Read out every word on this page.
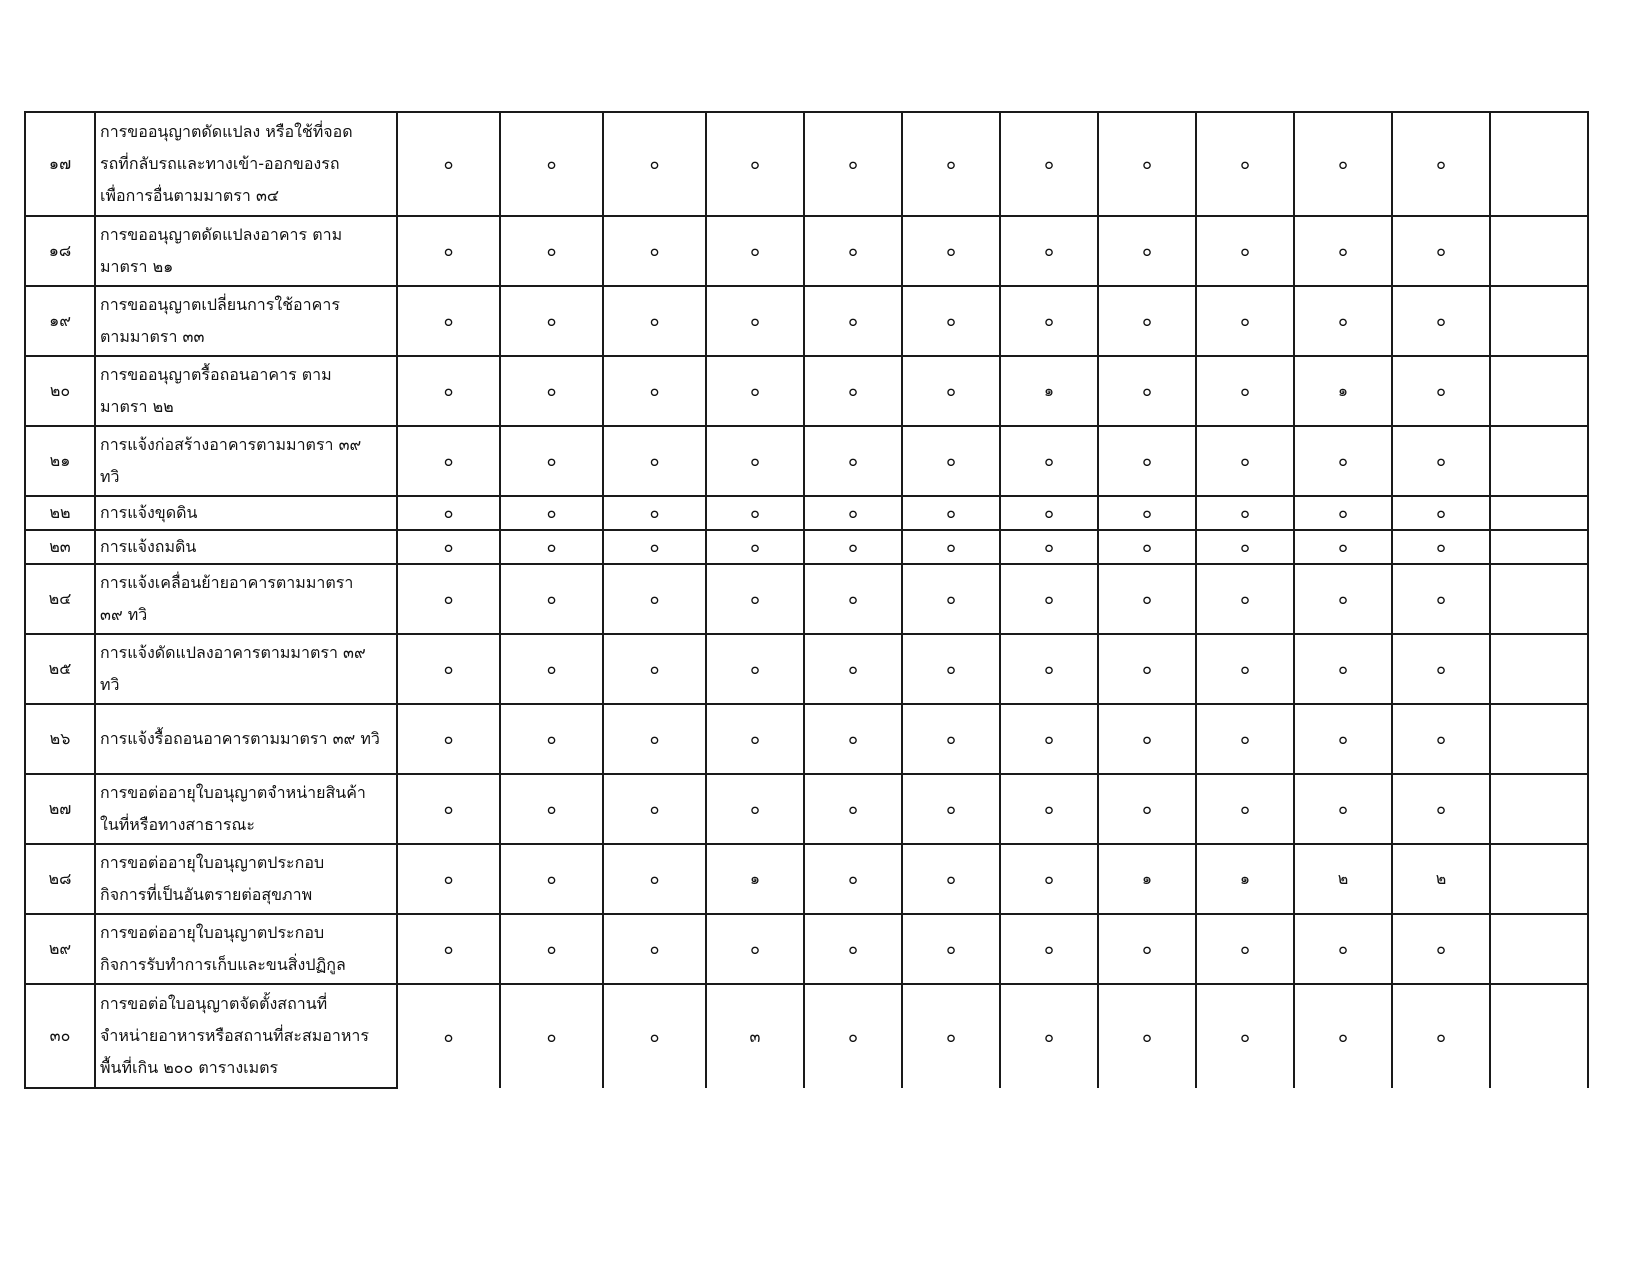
๑๗	การขออนุญาตดัดแปลง หรือใช้ที่จอด
รถที่กลับรถและทางเข้า-ออกของรถ
เพื่อการอื่นตามมาตรา ๓๔	๐	๐	๐	๐	๐	๐	๐	๐	๐	๐	๐	
๑๘	การขออนุญาตดัดแปลงอาคาร ตาม
มาตรา ๒๑	๐	๐	๐	๐	๐	๐	๐	๐	๐	๐	๐	
๑๙	การขออนุญาตเปลี่ยนการใช้อาคาร
ตามมาตรา ๓๓	๐	๐	๐	๐	๐	๐	๐	๐	๐	๐	๐	
๒๐	การขออนุญาตรื้อถอนอาคาร ตาม
มาตรา ๒๒	๐	๐	๐	๐	๐	๐	๑	๐	๐	๑	๐	
๒๑	การแจ้งก่อสร้างอาคารตามมาตรา ๓๙
ทวิ	๐	๐	๐	๐	๐	๐	๐	๐	๐	๐	๐	
๒๒	การแจ้งขุดดิน	๐	๐	๐	๐	๐	๐	๐	๐	๐	๐	๐	
๒๓	การแจ้งถมดิน	๐	๐	๐	๐	๐	๐	๐	๐	๐	๐	๐	
๒๔	การแจ้งเคลื่อนย้ายอาคารตามมาตรา
๓๙ ทวิ	๐	๐	๐	๐	๐	๐	๐	๐	๐	๐	๐	
๒๕	การแจ้งดัดแปลงอาคารตามมาตรา ๓๙
ทวิ	๐	๐	๐	๐	๐	๐	๐	๐	๐	๐	๐	
๒๖	การแจ้งรื้อถอนอาคารตามมาตรา ๓๙ ทวิ	๐	๐	๐	๐	๐	๐	๐	๐	๐	๐	๐	
๒๗	การขอต่ออายุใบอนุญาตจำหน่ายสินค้า
ในที่หรือทางสาธารณะ	๐	๐	๐	๐	๐	๐	๐	๐	๐	๐	๐	
๒๘	การขอต่ออายุใบอนุญาตประกอบ
กิจการที่เป็นอันตรายต่อสุขภาพ	๐	๐	๐	๑	๐	๐	๐	๑	๑	๒	๒	
๒๙	การขอต่ออายุใบอนุญาตประกอบ
กิจการรับทำการเก็บและขนสิ่งปฏิกูล	๐	๐	๐	๐	๐	๐	๐	๐	๐	๐	๐	
๓๐	การขอต่อใบอนุญาตจัดตั้งสถานที่
จำหน่ายอาหารหรือสถานที่สะสมอาหาร
พื้นที่เกิน ๒๐๐ ตารางเมตร	๐	๐	๐	๓	๐	๐	๐	๐	๐	๐	๐	
